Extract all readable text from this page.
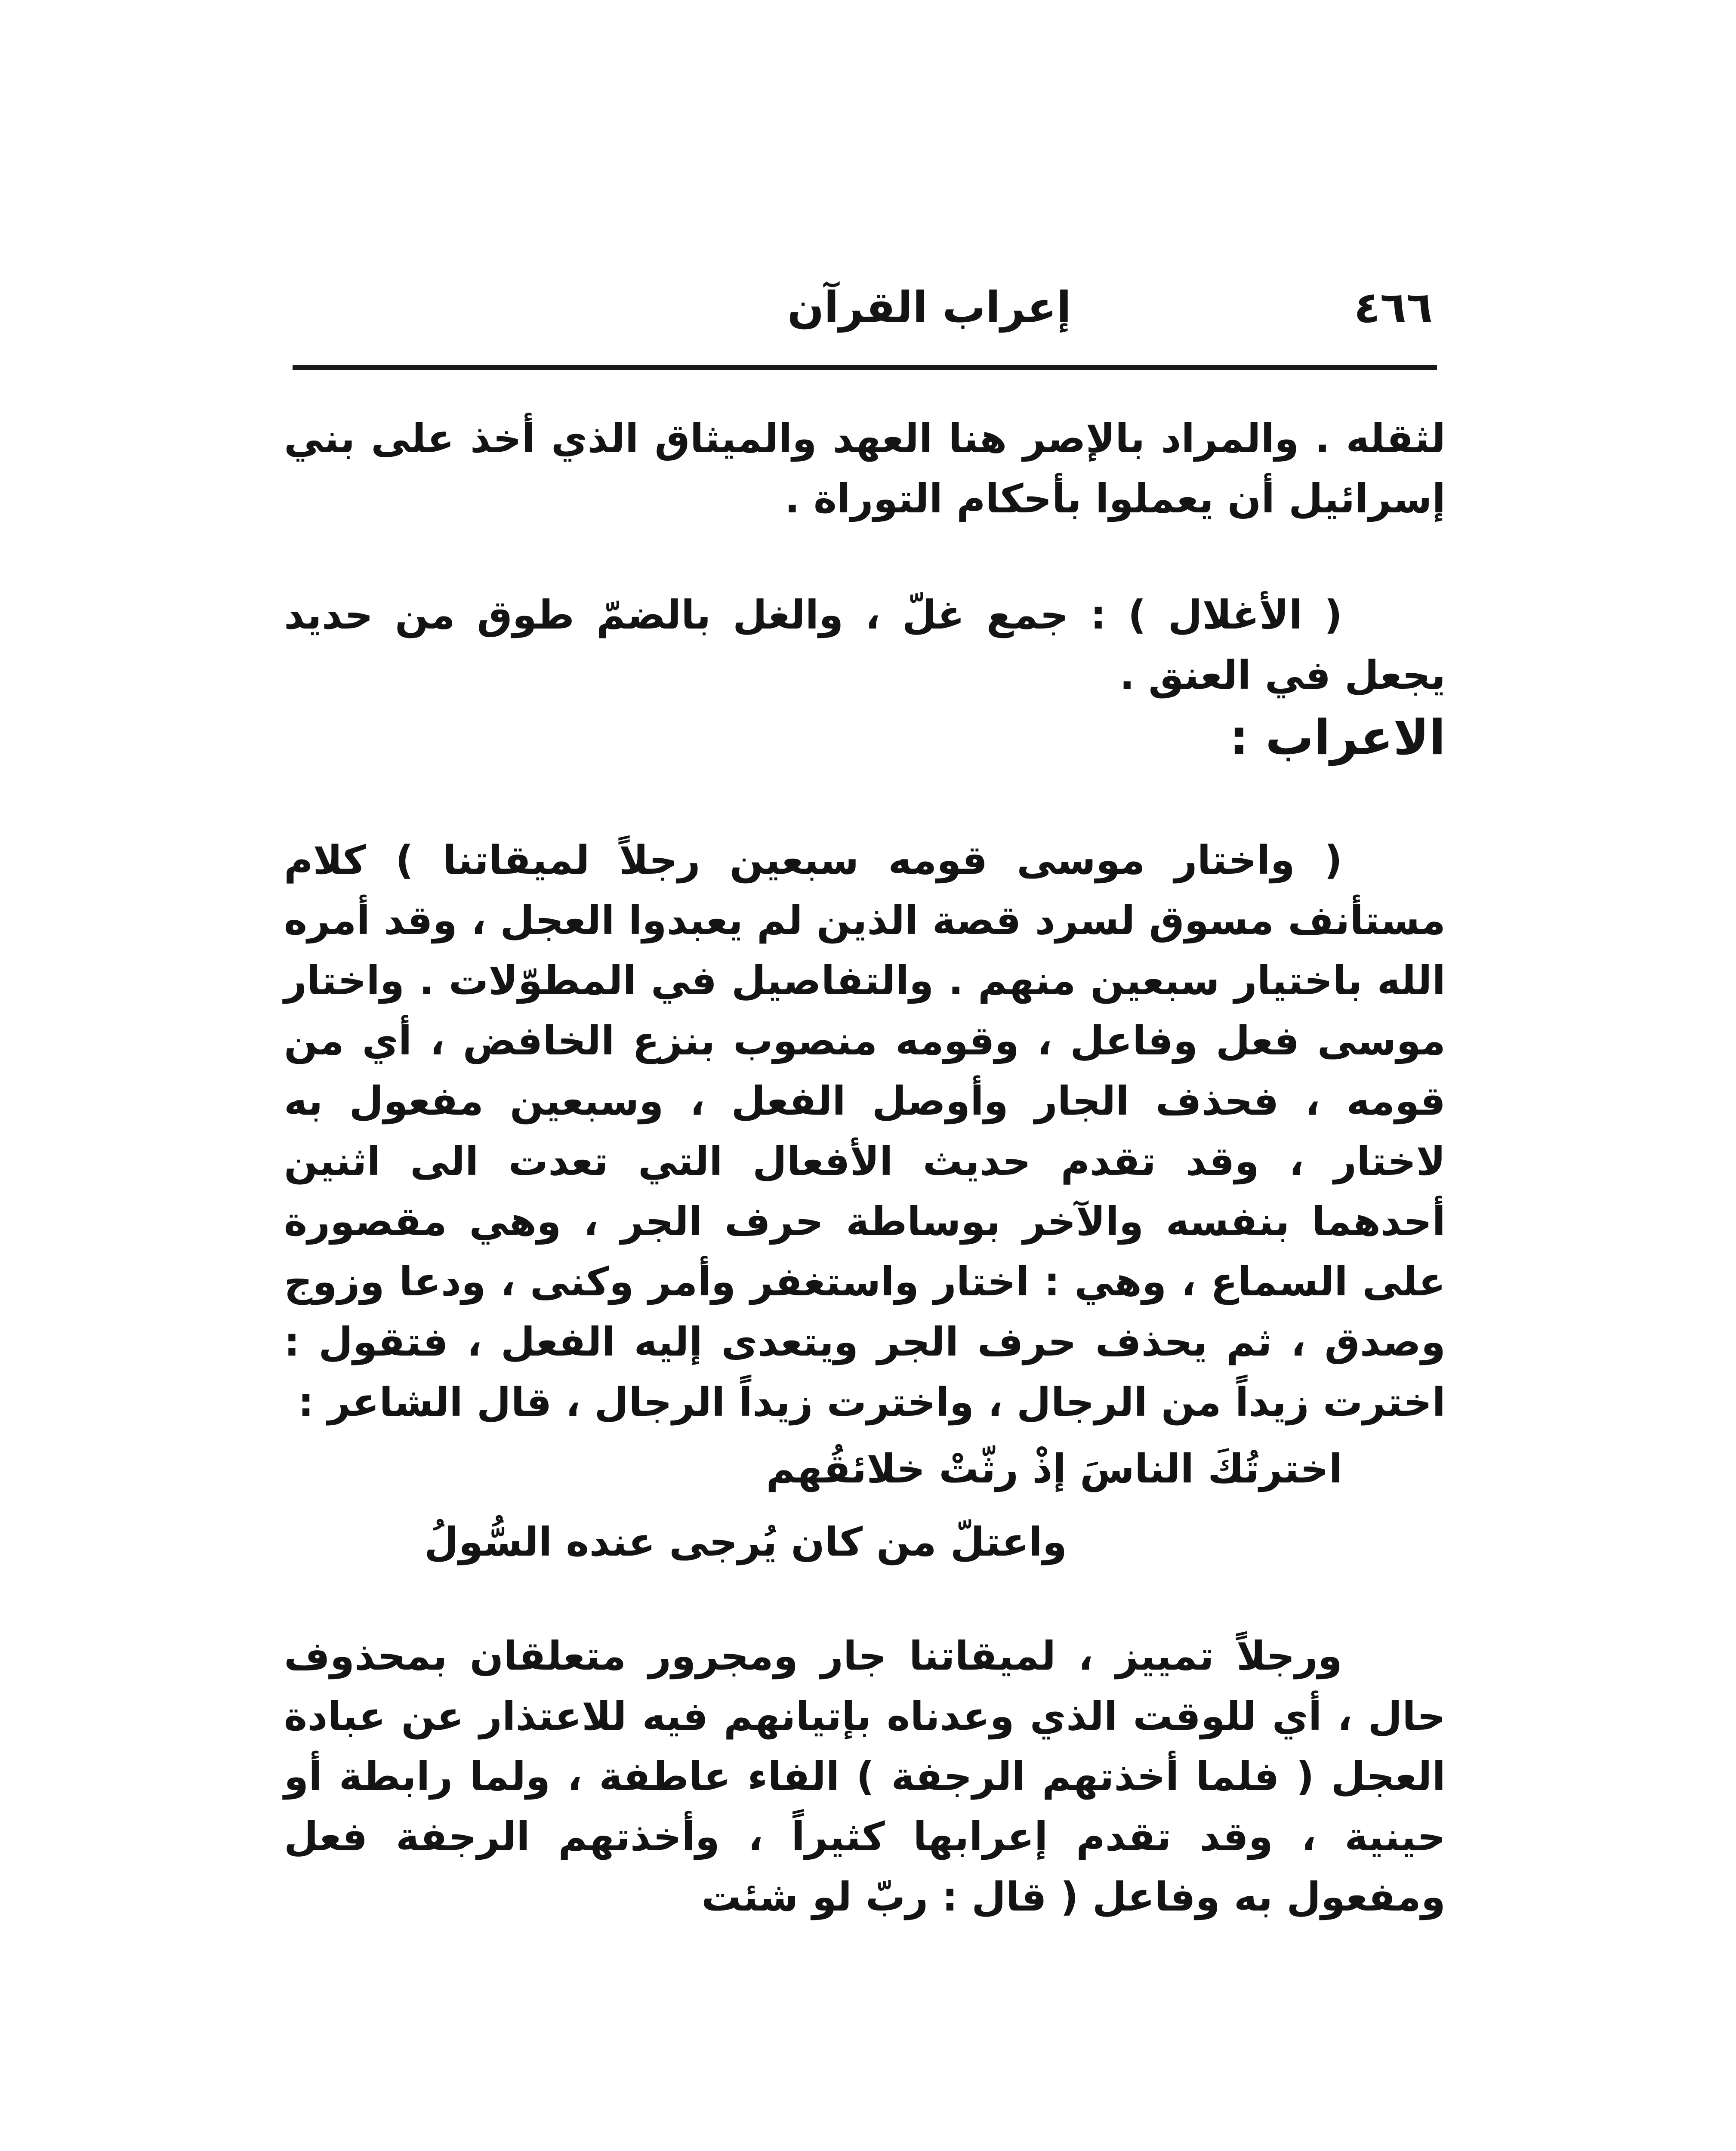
٤٦٦
إعراب القرآن

لثقله . والمراد بالإصر هنا العهد والميثاق الذي أخذ على بني إسرائيل أن يعملوا بأحكام التوراة .

( الأغلال ) : جمع غلّ ، والغل بالضمّ طوق من حديد يجعل في العنق .

الاعراب :

( واختار موسى قومه سبعين رجلاً لميقاتنا ) كلام مستأنف مسوق لسرد قصة الذين لم يعبدوا العجل ، وقد أمره الله باختيار سبعين منهم . والتفاصيل في المطوّلات . واختار موسى فعل وفاعل ، وقومه منصوب بنزع الخافض ، أي من قومه ، فحذف الجار وأوصل الفعل ، وسبعين مفعول به لاختار ، وقد تقدم حديث الأفعال التي تعدت الى اثنين أحدهما بنفسه والآخر بوساطة حرف الجر ، وهي مقصورة على السماع ، وهي : اختار واستغفر وأمر وكنى ، ودعا وزوج وصدق ، ثم يحذف حرف الجر ويتعدى إليه الفعل ، فتقول : اخترت زيداً من الرجال ، واخترت زيداً الرجال ، قال الشاعر :

اخترتُكَ الناسَ إذْ رثّتْ خلائقُهم

واعتلّ من كان يُرجى عنده السُّولُ

ورجلاً تمييز ، لميقاتنا جار ومجرور متعلقان بمحذوف حال ، أي للوقت الذي وعدناه بإتيانهم فيه للاعتذار عن عبادة العجل ( فلما أخذتهم الرجفة ) الفاء عاطفة ، ولما رابطة أو حينية ، وقد تقدم إعرابها كثيراً ، وأخذتهم الرجفة فعل ومفعول به وفاعل ( قال : ربّ لو شئت
